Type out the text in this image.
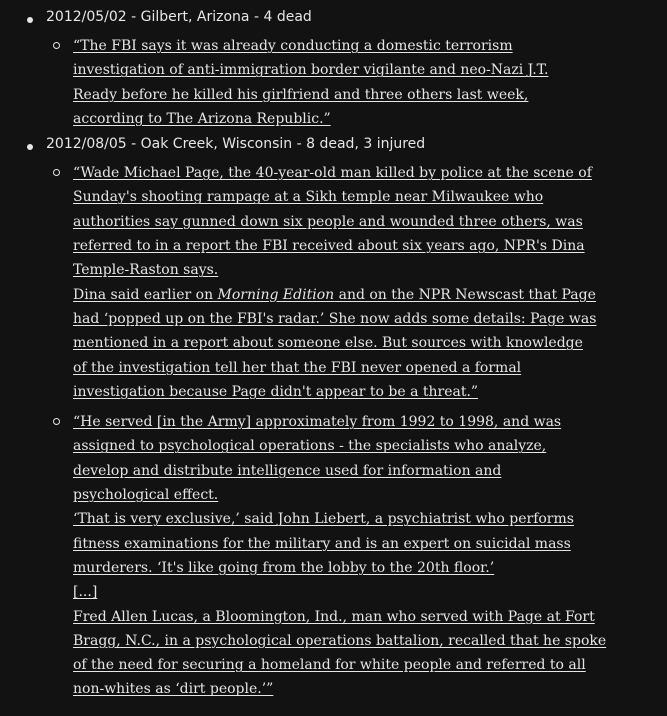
2012/05/02 - Gilbert, Arizona - 4 dead

“The FBI says it was already conducting a domestic terrorism
investigation of anti-immigration border vigilante and neo-Nazi J.T.
Ready before he killed his girlfriend and three others last week,
according to The Arizona Republic.”

2012/08/05 - Oak Creek, Wisconsin - 8 dead, 3 injured

“Wade Michael Page, the 40-year-old man killed by police at the scene of
Sunday's shooting rampage at a Sikh temple near Milwaukee who
authorities say gunned down six people and wounded three others, was
referred to in a report the FBI received about six years ago, NPR's Dina
Temple-Raston says.
Dina said earlier on Morning Edition and on the NPR Newscast that Page
had ‘popped up on the FBI's radar.’ She now adds some details: Page was
mentioned in a report about someone else. But sources with knowledge
of the investigation tell her that the FBI never opened a formal
investigation because Page didn't appear to be a threat.”

“He served [in the Army] approximately from 1992 to 1998, and was
assigned to psychological operations - the specialists who analyze,
develop and distribute intelligence used for information and
psychological effect.
‘That is very exclusive,’ said John Liebert, a psychiatrist who performs
fitness examinations for the military and is an expert on suicidal mass
murderers. ‘It's like going from the lobby to the 20th floor.’
[...]
Fred Allen Lucas, a Bloomington, Ind., man who served with Page at Fort
Bragg, N.C., in a psychological operations battalion, recalled that he spoke
of the need for securing a homeland for white people and referred to all
non-whites as ‘dirt people.’”
